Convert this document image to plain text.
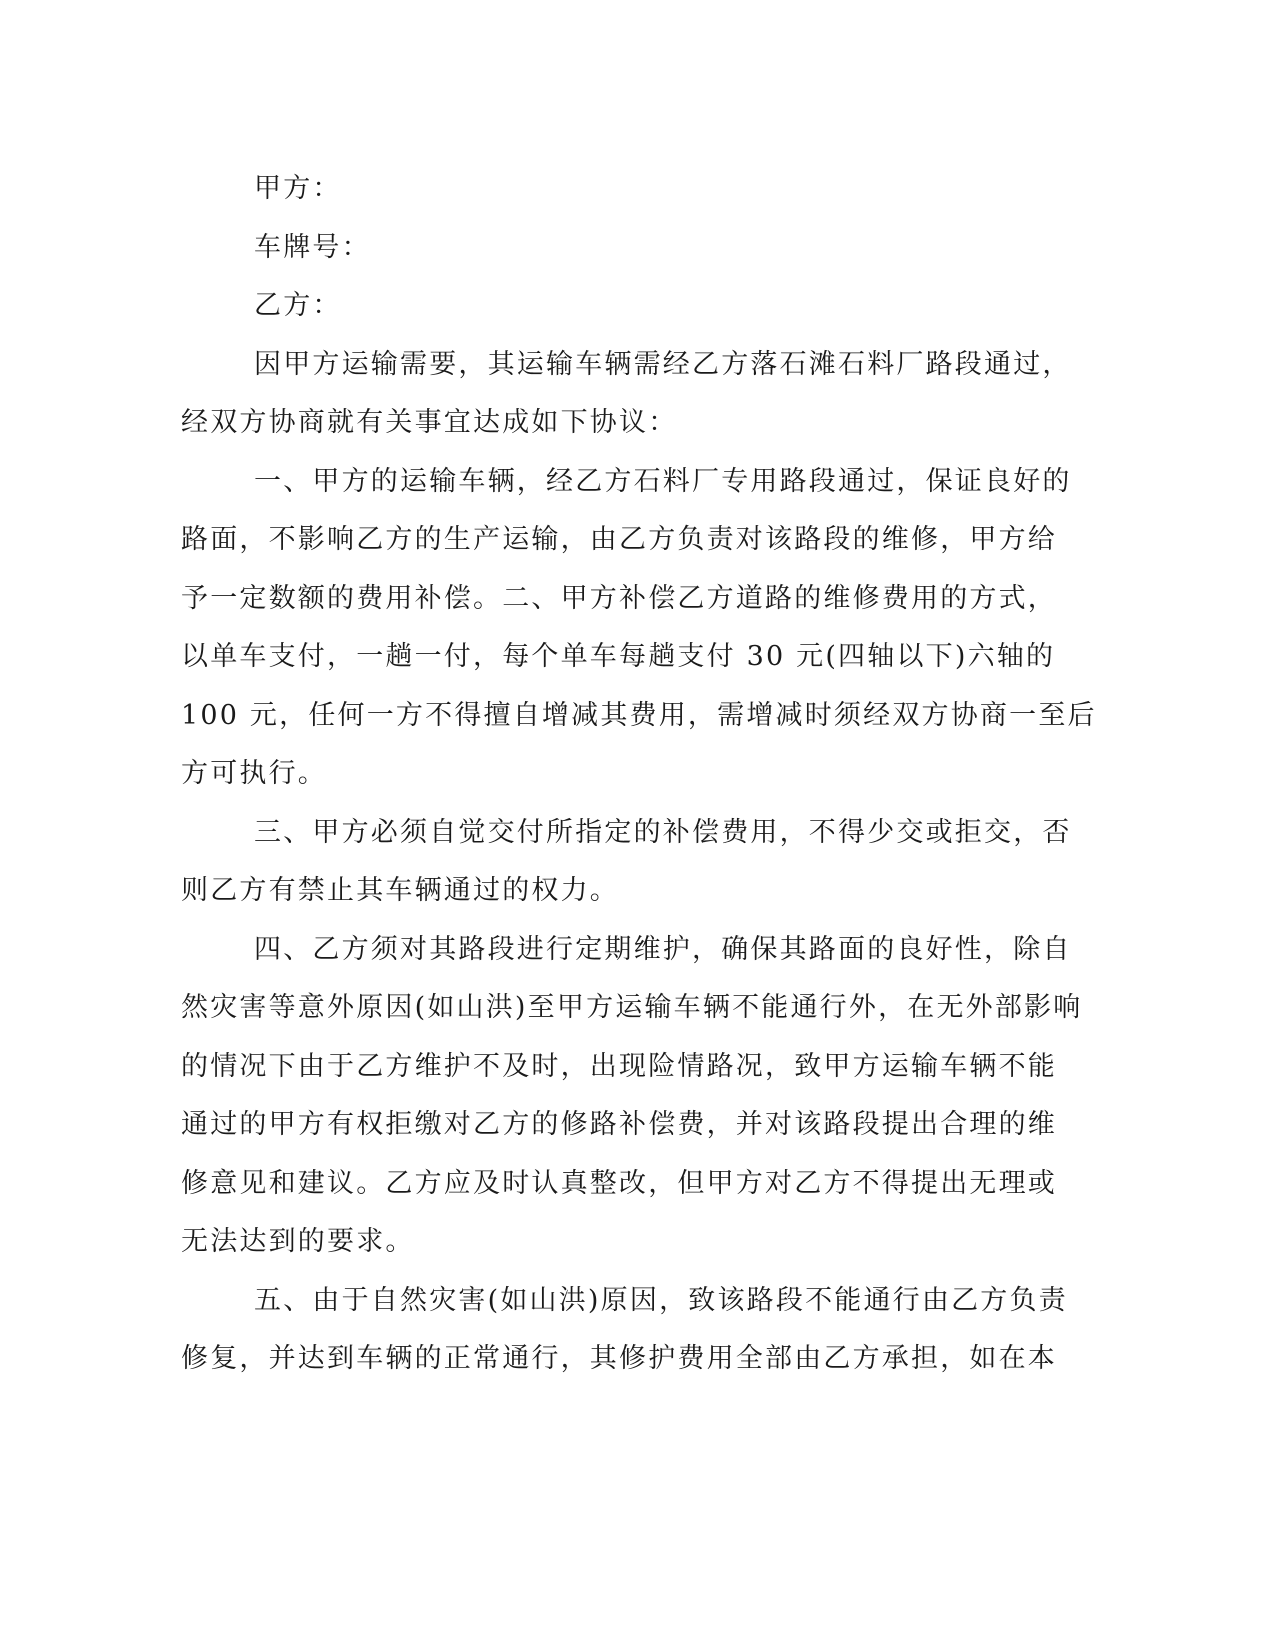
甲方：
车牌号：
乙方：
因甲方运输需要，其运输车辆需经乙方落石滩石料厂路段通过，
经双方协商就有关事宜达成如下协议：
一、甲方的运输车辆，经乙方石料厂专用路段通过，保证良好的
路面，不影响乙方的生产运输，由乙方负责对该路段的维修，甲方给
予一定数额的费用补偿。二、甲方补偿乙方道路的维修费用的方式，
以单车支付，一趟一付，每个单车每趟支付 30 元(四轴以下)六轴的
100 元，任何一方不得擅自增减其费用，需增减时须经双方协商一至后
方可执行。
三、甲方必须自觉交付所指定的补偿费用，不得少交或拒交，否
则乙方有禁止其车辆通过的权力。
四、乙方须对其路段进行定期维护，确保其路面的良好性，除自
然灾害等意外原因(如山洪)至甲方运输车辆不能通行外，在无外部影响
的情况下由于乙方维护不及时，出现险情路况，致甲方运输车辆不能
通过的甲方有权拒缴对乙方的修路补偿费，并对该路段提出合理的维
修意见和建议。乙方应及时认真整改，但甲方对乙方不得提出无理或
无法达到的要求。
五、由于自然灾害(如山洪)原因，致该路段不能通行由乙方负责
修复，并达到车辆的正常通行，其修护费用全部由乙方承担，如在本
